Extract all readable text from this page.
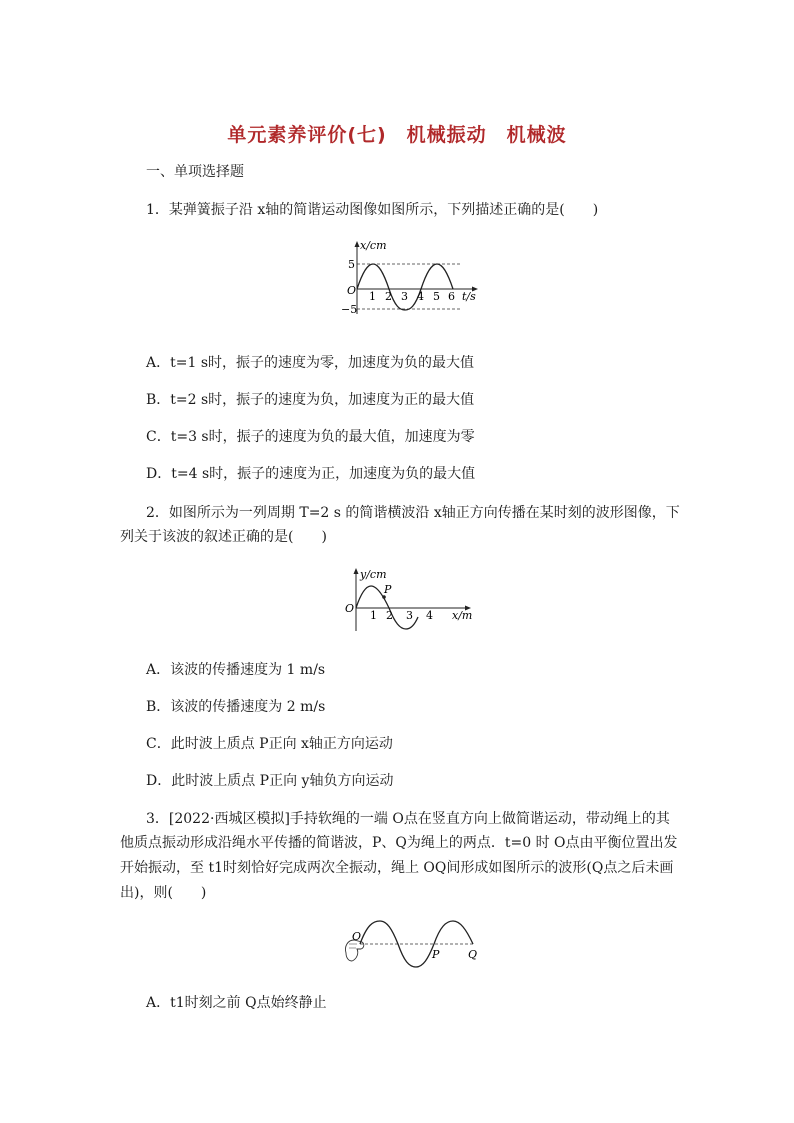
单元素养评价(七)　机械振动　机械波
一、单项选择题
1．某弹簧振子沿 x轴的简谐运动图像如图所示，下列描述正确的是(　　)
x/cm
5
−5
O 1 2 3 4 5 6 t/s
A．t=1 s时，振子的速度为零，加速度为负的最大值
B．t=2 s时，振子的速度为负，加速度为正的最大值
C．t=3 s时，振子的速度为负的最大值，加速度为零
D．t=4 s时，振子的速度为正，加速度为负的最大值
2．如图所示为一列周期 T=2 s 的简谐横波沿 x轴正方向传播在某时刻的波形图像，下
列关于该波的叙述正确的是(　　)
P
y/cm
O
1 2 3 4 x/m
A．该波的传播速度为 1 m/s
B．该波的传播速度为 2 m/s
C．此时波上质点 P正向 x轴正方向运动
D．此时波上质点 P正向 y轴负方向运动
3．[2022·西城区模拟]手持软绳的一端 O点在竖直方向上做简谐运动，带动绳上的其
他质点振动形成沿绳水平传播的简谐波，P、Q为绳上的两点．t=0 时 O点由平衡位置出发
开始振动，至 t1时刻恰好完成两次全振动，绳上 OQ间形成如图所示的波形(Q点之后未画
出)，则(　　)
O
P	Q
A．t1时刻之前 Q点始终静止
